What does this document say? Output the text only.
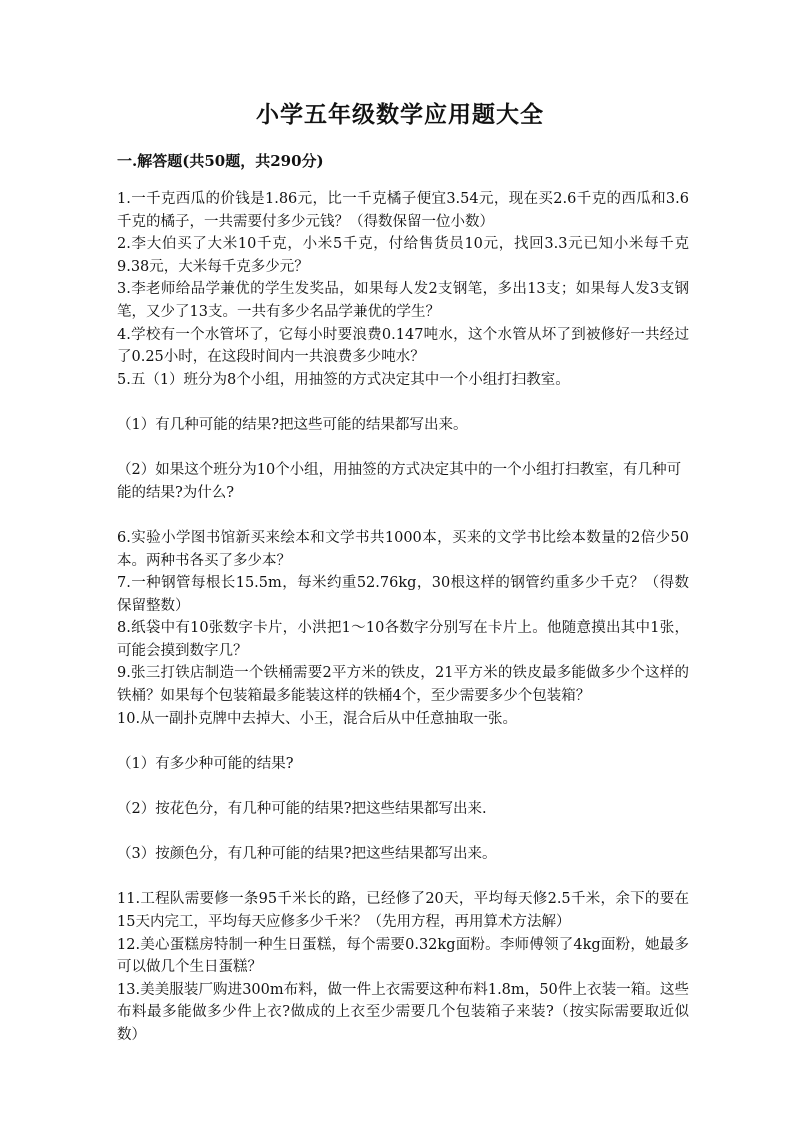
小学五年级数学应用题大全
一.解答题(共50题，共290分)

1.一千克西瓜的价钱是1.86元，比一千克橘子便宜3.54元，现在买2.6千克的西瓜和3.6千克的橘子，一共需要付多少元钱？（得数保留一位小数）

2.李大伯买了大米10千克，小米5千克，付给售货员10元，找回3.3元已知小米每千克9.38元，大米每千克多少元？

3.李老师给品学兼优的学生发奖品，如果每人发2支钢笔，多出13支；如果每人发3支钢笔，又少了13支。一共有多少名品学兼优的学生？

4.学校有一个水管坏了，它每小时要浪费0.147吨水，这个水管从坏了到被修好一共经过了0.25小时，在这段时间内一共浪费多少吨水？

5.五（1）班分为8个小组，用抽签的方式决定其中一个小组打扫教室。

（1）有几种可能的结果?把这些可能的结果都写出来。

（2）如果这个班分为10个小组，用抽签的方式决定其中的一个小组打扫教室，有几种可能的结果?为什么?

6.实验小学图书馆新买来绘本和文学书共1000本，买来的文学书比绘本数量的2倍少50本。两种书各买了多少本？

7.一种钢管每根长15.5m，每米约重52.76kg，30根这样的钢管约重多少千克？（得数保留整数）

8.纸袋中有10张数字卡片，小洪把1～10各数字分别写在卡片上。他随意摸出其中1张，可能会摸到数字几？

9.张三打铁店制造一个铁桶需要2平方米的铁皮，21平方米的铁皮最多能做多少个这样的铁桶？如果每个包装箱最多能装这样的铁桶4个，至少需要多少个包装箱？

10.从一副扑克牌中去掉大、小王，混合后从中任意抽取一张。

（1）有多少种可能的结果?

（2）按花色分，有几种可能的结果?把这些结果都写出来.

（3）按颜色分，有几种可能的结果?把这些结果都写出来。

11.工程队需要修一条95千米长的路，已经修了20天，平均每天修2.5千米，余下的要在15天内完工，平均每天应修多少千米？（先用方程，再用算术方法解）

12.美心蛋糕房特制一种生日蛋糕，每个需要0.32kg面粉。李师傅领了4kg面粉，她最多可以做几个生日蛋糕？

13.美美服装厂购进300m布料，做一件上衣需要这种布料1.8m，50件上衣装一箱。这些布料最多能做多少件上衣?做成的上衣至少需要几个包装箱子来装?（按实际需要取近似数）
